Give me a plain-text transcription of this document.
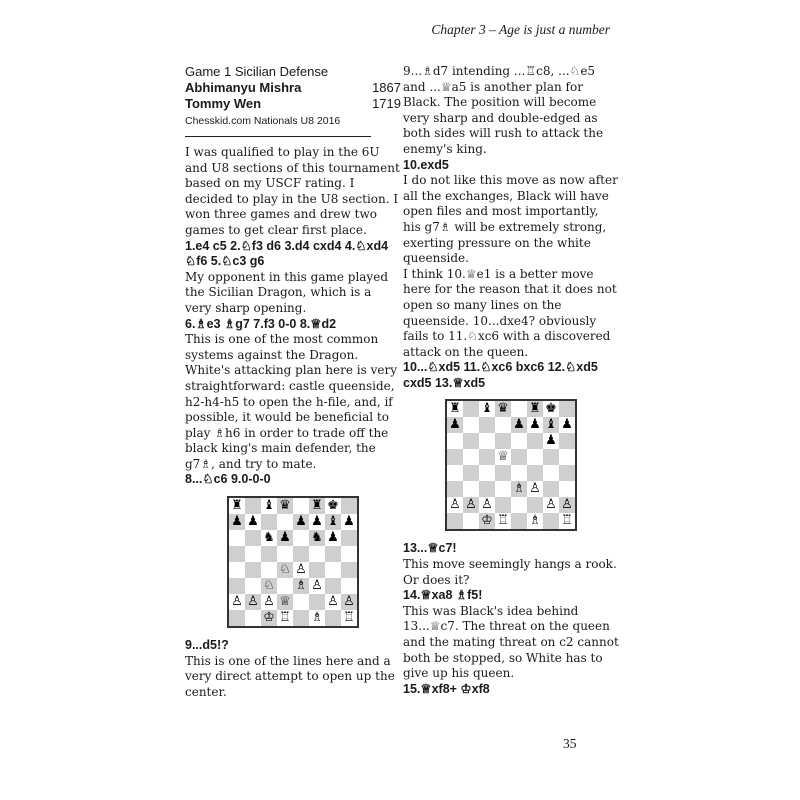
Chapter 3 – Age is just a number
Game 1 Sicilian Defense
Abhimanyu Mishra	1867
Tommy Wen	1719
Chesskid.com Nationals U8 2016
I was qualified to play in the 6U and U8 sections of this tournament based on my USCF rating. I decided to play in the U8 section. I won three games and drew two games to get clear first place.
1.e4 c5 2.♘f3 d6 3.d4 cxd4 4.♘xd4 ♘f6 5.♘c3 g6
My opponent in this game played the Sicilian Dragon, which is a very sharp opening.
6.♗e3 ♗g7 7.f3 0-0 8.♕d2
This is one of the most common systems against the Dragon. White's attacking plan here is very straightforward: castle queenside, h2-h4-h5 to open the h-file, and, if possible, it would be beneficial to play ♗h6 in order to trade off the black king's main defender, the g7♗, and try to mate.
8...♘c6 9.0-0-0
♜ ♝ ♛ ♜ ♚
♟ ♟	♟ ♟ ♝ ♟
♞ ♟ ♞ ♟
♘ ♙
♘ ♗ ♙
♙ ♙ ♙ ♕	♙ ♙
♔ ♖ ♗ ♖
9...d5!?
This is one of the lines here and a very direct attempt to open up the center.
9...♗d7 intending ...♖c8, ...♘e5 and ...♕a5 is another plan for Black. The position will become very sharp and double-edged as both sides will rush to attack the enemy's king.
10.exd5
I do not like this move as now after all the exchanges, Black will have open files and most importantly, his g7♗ will be extremely strong, exerting pressure on the white queenside.
I think 10.♕e1 is a better move here for the reason that it does not open so many lines on the queenside. 10...dxe4? obviously fails to 11.♘xc6 with a discovered attack on the queen.
10...♘xd5 11.♘xc6 bxc6 12.♘xd5 cxd5 13.♕xd5
♜ ♝ ♛ ♜ ♚
♟	♟ ♟ ♝ ♟
♟
♕
♗ ♙
♙ ♙ ♙	♙ ♙
♔ ♖ ♗ ♖
13...♕c7!
This move seemingly hangs a rook. Or does it?
14.♕xa8 ♗f5!
This was Black's idea behind 13...♕c7. The threat on the queen and the mating threat on c2 cannot both be stopped, so White has to give up his queen.
15.♕xf8+ ♔xf8
35
